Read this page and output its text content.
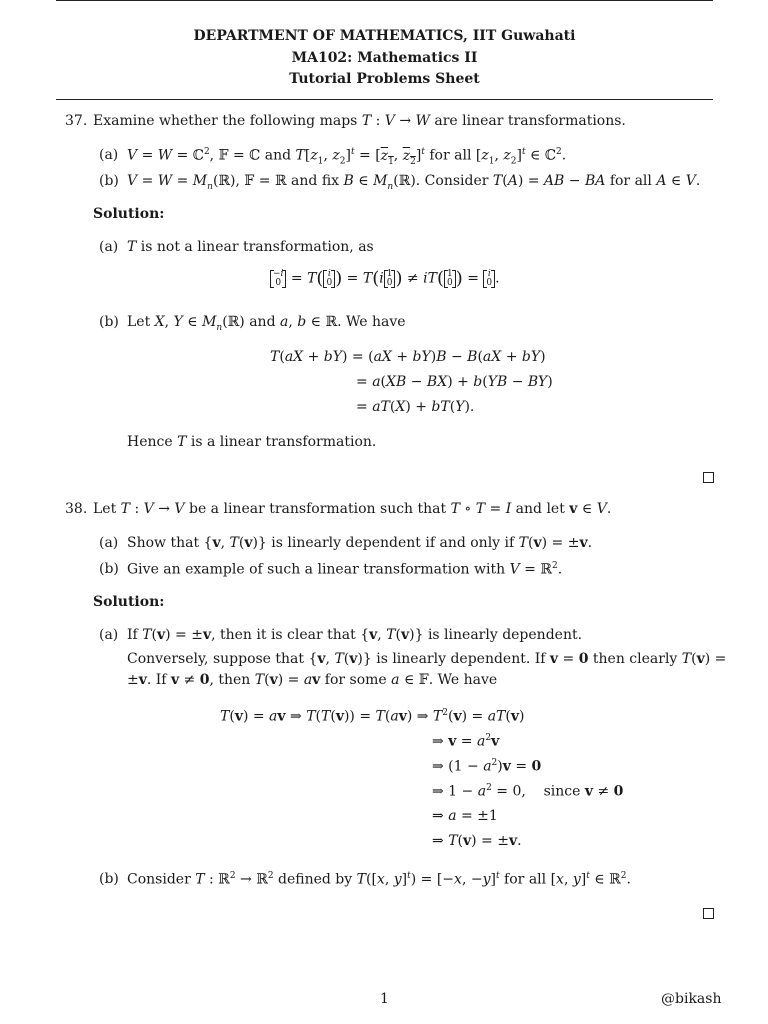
DEPARTMENT OF MATHEMATICS, IIT Guwahati
MA102: Mathematics II
Tutorial Problems Sheet
37. Examine whether the following maps T : V → W are linear transformations.
(a) V = W = ℂ$^2$, 𝔽 = ℂ and $T[z_1$, $z_2]^t = [z_1$, $z_2]^t$ for all [$z_1$, $z_2]^t$ ∈ ℂ$^2$.
(b) $V = W = M_n(ℝ)$, 𝔽 = ℝ and fix B ∈ $M_n(ℝ)$. Consider T(A) = AB − BA for all A ∈ V.
Solution:
(a) T is not a linear transformation, as
−i
0 = T( i
0 ) = T(i 1
0 ) ≠ iT( 1
0 ) = i
0 .
(b) Let X, Y ∈ $M_n(ℝ)$ and a, b ∈ ℝ. We have
T(aX + bY) = (aX + bY)B − B(aX + bY)
= a(XB − BX) + b(YB − BY)
= aT(X) + bT(Y).
Hence T is a linear transformation.
38. Let T : V → V be a linear transformation such that T ∘ T = I and let v ∈ V.
(a) Show that {v, T(v)} is linearly dependent if and only if T(v) = ±v.
(b) Give an example of such a linear transformation with V = ℝ$^2$.
Solution:
(a) If T(v) = ±v, then it is clear that {v, T(v)} is linearly dependent.
Conversely, suppose that {v, T(v)} is linearly dependent. If v = 0 then clearly T(v) =
±v. If v ≠ 0, then T(v) = av for some a ∈ 𝔽. We have
T(v) = av ⇒ T(T(v)) = T(av) ⇒ $T^2(v) = aT(v)$
⇒ $v = a^2v$
⇒ $(1 - a^2)v = 0$
⇒ $1 - a^2 = 0$,    since v ≠ 0
⇒ a = ±1
⇒ T(v) = ±v.
(b) Consider T : ℝ$^2$ → ℝ$^2$ defined by T([x, y]$^t$) = [−x, −y]$^t$ for all [x, y]$^t$ ∈ ℝ$^2$.
1	@bikash
